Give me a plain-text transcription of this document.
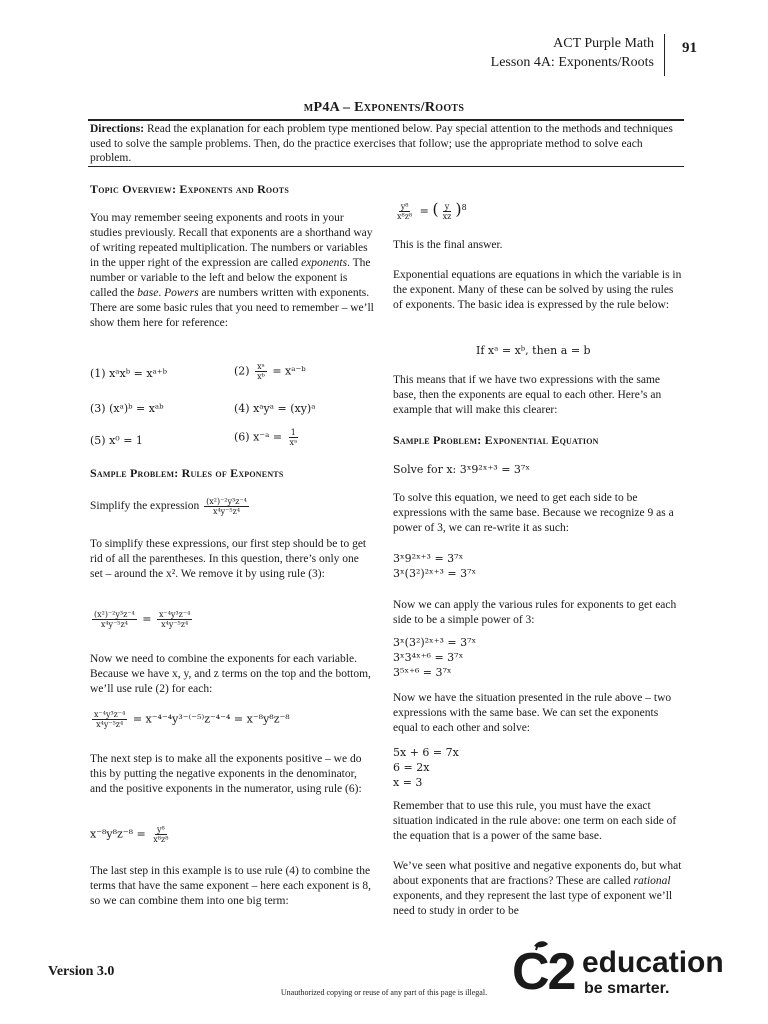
ACT Purple Math
Lesson 4A: Exponents/Roots
91
mP4A – Exponents/Roots
Directions: Read the explanation for each problem type mentioned below. Pay special attention to the methods and techniques used to solve the sample problems. Then, do the practice exercises that follow; use the appropriate method to solve each problem.
Topic Overview: Exponents and Roots
You may remember seeing exponents and roots in your studies previously. Recall that exponents are a shorthand way of writing repeated multiplication. The numbers or variables in the upper right of the expression are called exponents. The number or variable to the left and below the exponent is called the base. Powers are numbers written with exponents. There are some basic rules that you need to remember – we’ll show them here for reference:
(1) xᵃxᵇ = xᵃ⁺ᵇ	$(2) \frac{\text{xᵃ}}{\text{xᵇ}}$ = xᵃ⁻ᵇ
(3) (xᵃ)ᵇ = xᵃᵇ	(4) xᵃyᵃ = (xy)ᵃ
(5) x⁰ = 1	(6) x⁻ᵃ = $\frac{1}{\text{xᵃ}}$
Sample Problem: Rules of Exponents
Simplify the expression $\frac{\text{(x²)⁻²y³z⁻⁴}}{\text{x⁴y⁻⁵z⁴}}$
To simplify these expressions, our first step should be to get rid of all the parentheses. In this question, there’s only one set – around the x². We remove it by using rule (3):
$\frac{\text{(x²)⁻²y³z⁻⁴}}{\text{x⁴y⁻⁵z⁴}} = \frac{\text{x⁻⁴y³z⁻⁴}}{\text{x⁴y⁻⁵z⁴}}$
Now we need to combine the exponents for each variable. Because we have x, y, and z terms on the top and the bottom, we’ll use rule (2) for each:
$\frac{\text{x⁻⁴y³z⁻⁴}}{\text{x⁴y⁻⁵z⁴}} = x^{-4-4}y^{3-(-5)}z^{-4-4} = x^{-8}y^8z^{-8}$
The next step is to make all the exponents positive – we do this by putting the negative exponents in the denominator, and the positive exponents in the numerator, using rule (6):
$x^{-8}y^8z^{-8} = \frac{\text{y⁸}}{\text{x⁸z⁸}}$
The last step in this example is to use rule (4) to combine the terms that have the same exponent – here each exponent is 8, so we can combine them into one big term:
$\frac{\text{y⁸}}{\text{x⁸z⁸}}$ = ( $\frac{y}{xz} )^8$
This is the final answer.
Exponential equations are equations in which the variable is in the exponent. Many of these can be solved by using the rules of exponents. The basic idea is expressed by the rule below:
If xᵃ = xᵇ, then a = b
This means that if we have two expressions with the same base, then the exponents are equal to each other. Here’s an example that will make this clearer:
Sample Problem: Exponential Equation
Solve for x: 3ˣ9²ˣ⁺³ = 3⁷ˣ
To solve this equation, we need to get each side to be expressions with the same base. Because we recognize 9 as a power of 3, we can re-write it as such:
3ˣ9²ˣ⁺³ = 3⁷ˣ
3ˣ(3²)²ˣ⁺³ = 3⁷ˣ
Now we can apply the various rules for exponents to get each side to be a simple power of 3:
3ˣ(3²)²ˣ⁺³ = 3⁷ˣ
3ˣ3⁴ˣ⁺⁶ = 3⁷ˣ
3⁵ˣ⁺⁶ = 3⁷ˣ
Now we have the situation presented in the rule above – two expressions with the same base. We can set the exponents equal to each other and solve:
5x + 6 = 7x
6 = 2x
x = 3
Remember that to use this rule, you must have the exact situation indicated in the rule above: one term on each side of the equation that is a power of the same base.
We’ve seen what positive and negative exponents do, but what about exponents that are fractions? These are called rational exponents, and they represent the last type of exponent we’ll need to study in order to be
Version 3.0
Unauthorized copying or reuse of any part of this page is illegal. C2 education
be smarter.
